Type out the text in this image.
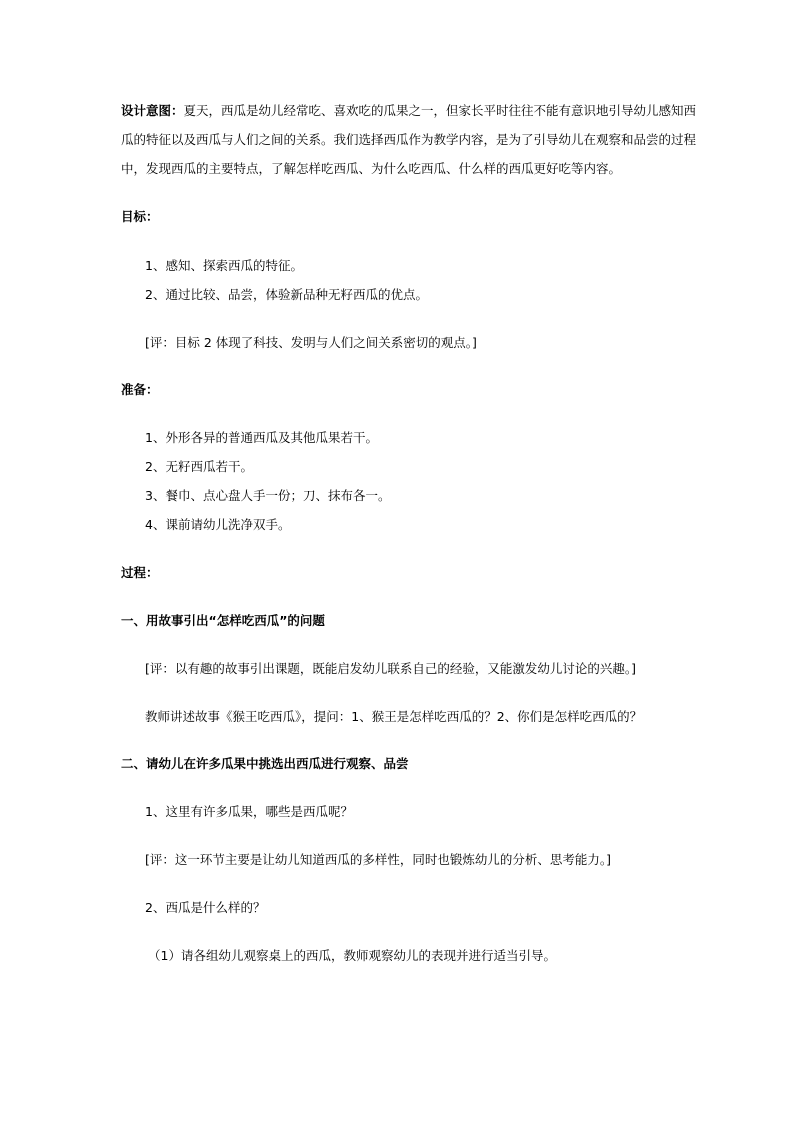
设计意图：夏天，西瓜是幼儿经常吃、喜欢吃的瓜果之一，但家长平时往往不能有意识地引导幼儿感知西

瓜的特征以及西瓜与人们之间的关系。我们选择西瓜作为教学内容，是为了引导幼儿在观察和品尝的过程

中，发现西瓜的主要特点，了解怎样吃西瓜、为什么吃西瓜、什么样的西瓜更好吃等内容。

目标：

1、感知、探索西瓜的特征。

2、通过比较、品尝，体验新品种无籽西瓜的优点。

[评：目标 2 体现了科技、发明与人们之间关系密切的观点。]

准备：

1、外形各异的普通西瓜及其他瓜果若干。

2、无籽西瓜若干。

3、餐巾、点心盘人手一份；刀、抹布各一。

4、课前请幼儿洗净双手。

过程：

一、用故事引出“怎样吃西瓜”的问题

[评：以有趣的故事引出课题，既能启发幼儿联系自己的经验，又能激发幼儿讨论的兴趣。]

教师讲述故事《猴王吃西瓜》，提问：1、猴王是怎样吃西瓜的？2、你们是怎样吃西瓜的？

二、请幼儿在许多瓜果中挑选出西瓜进行观察、品尝

1、这里有许多瓜果，哪些是西瓜呢？

[评：这一环节主要是让幼儿知道西瓜的多样性，同时也锻炼幼儿的分析、思考能力。]

2、西瓜是什么样的？

（1）请各组幼儿观察桌上的西瓜，教师观察幼儿的表现并进行适当引导。
